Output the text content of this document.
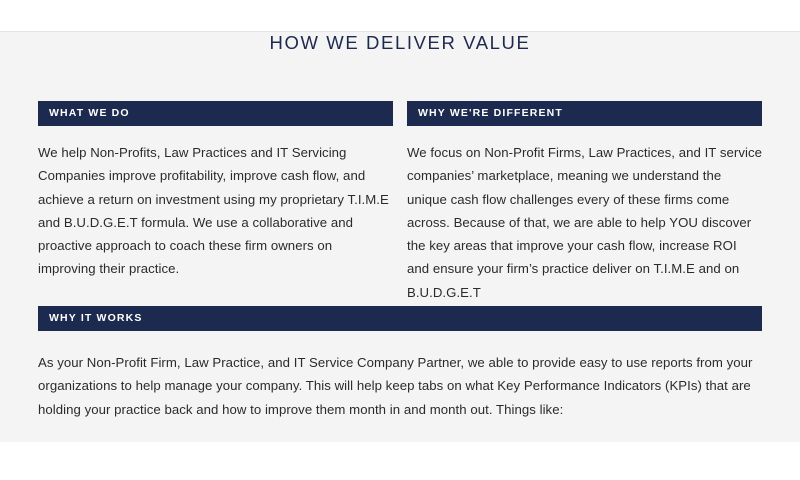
HOW WE DELIVER VALUE
WHAT WE DO
We help Non-Profits, Law Practices and IT Servicing Companies improve profitability, improve cash flow, and achieve a return on investment using my proprietary T.I.M.E and B.U.D.G.E.T formula. We use a collaborative and proactive approach to coach these firm owners on improving their practice.
WHY WE'RE DIFFERENT
We focus on Non-Profit Firms, Law Practices, and IT service companies’ marketplace, meaning we understand the unique cash flow challenges every of these firms come across. Because of that, we are able to help YOU discover the key areas that improve your cash flow, increase ROI and ensure your firm’s practice deliver on T.I.M.E and on B.U.D.G.E.T
WHY IT WORKS
As your Non-Profit Firm, Law Practice, and IT Service Company Partner, we able to provide easy to use reports from your organizations to help manage your company. This will help keep tabs on what Key Performance Indicators (KPIs) that are holding your practice back and how to improve them month in and month out. Things like:
